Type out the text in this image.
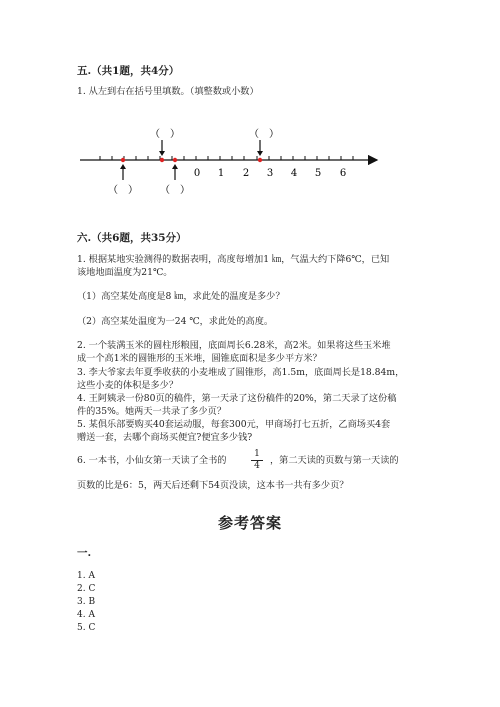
五.（共1题，共4分）
1. 从左到右在括号里填数。（填整数或小数）
0 1 2 3 4 5 6
（　）	（　）
（　） （　）
六.（共6题，共35分）
1. 根据某地实验测得的数据表明，高度每增加1 ㎞，气温大约下降6℃，已知
该地地面温度为21℃。
（1）高空某处高度是8 ㎞，求此处的温度是多少？
（2）高空某处温度为一24 ℃，求此处的高度。
2. 一个装满玉米的圆柱形粮囤，底面周长6.28米，高2米。如果将这些玉米堆
成一个高1米的圆锥形的玉米堆，圆锥底面积是多少平方米？
3. 李大爷家去年夏季收获的小麦堆成了圆锥形，高1.5m，底面周长是18.84m，
这些小麦的体积是多少？
4. 王阿姨录一份80页的稿件，第一天录了这份稿件的20%，第二天录了这份稿
件的35%。她两天一共录了多少页？
5. 某俱乐部要购买40套运动服，每套300元，甲商场打七五折，乙商场买4套
赠送一套，去哪个商场买便宜?便宜多少钱?
6. 一本书，小仙女第一天读了全书的
1
4	，第二天读的页数与第一天读的
页数的比是6：5，两天后还剩下54页没读，这本书一共有多少页？
参考答案
一.
1. A
2. C
3. B
4. A
5. C
